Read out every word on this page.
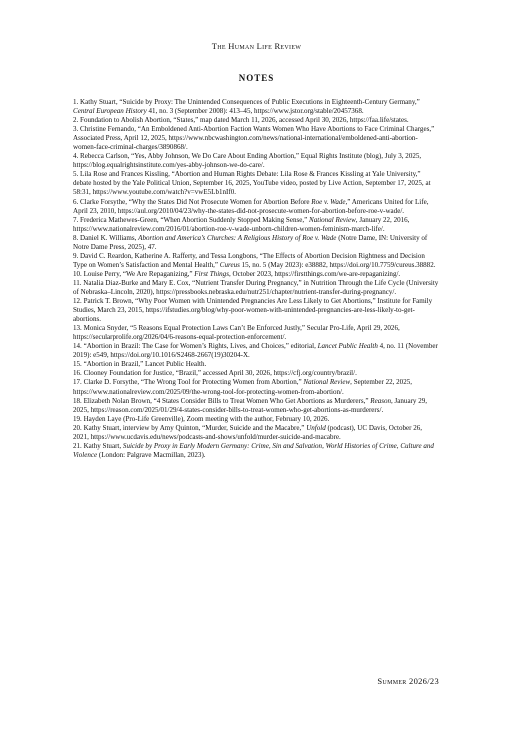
The Human Life Review
NOTES

1. Kathy Stuart, “Suicide by Proxy: The Unintended Consequences of Public Executions in Eighteenth-Century Germany,” Central European History 41, no. 3 (September 2008): 413–45, https://www.jstor.org/stable/20457368.

2. Foundation to Abolish Abortion, “States,” map dated March 11, 2026, accessed April 30, 2026, https://faa.life/states.

3. Christine Fernando, “An Emboldened Anti-Abortion Faction Wants Women Who Have Abortions to Face Criminal Charges,” Associated Press, April 12, 2025, https://www.nbcwashington.com/news/national-international/emboldened-anti-abortion-women-face-criminal-charges/3890868/.

4. Rebecca Carlson, “Yes, Abby Johnson, We Do Care About Ending Abortion,” Equal Rights Institute (blog), July 3, 2025, https://blog.equalrightsinstitute.com/yes-abby-johnson-we-do-care/.

5. Lila Rose and Frances Kissling, “Abortion and Human Rights Debate: Lila Rose & Frances Kissling at Yale University,” debate hosted by the Yale Political Union, September 16, 2025, YouTube video, posted by Live Action, September 17, 2025, at 58:31, https://www.youtube.com/watch?v=vwE5Lb1nIf0.

6. Clarke Forsythe, “Why the States Did Not Prosecute Women for Abortion Before Roe v. Wade,” Americans United for Life, April 23, 2010, https://aul.org/2010/04/23/why-the-states-did-not-prosecute-women-for-abortion-before-roe-v-wade/.

7. Frederica Mathewes-Green, “When Abortion Suddenly Stopped Making Sense,” National Review, January 22, 2016, https://www.nationalreview.com/2016/01/abortion-roe-v-wade-unborn-children-women-feminism-march-life/.

8. Daniel K. Williams, Abortion and America’s Churches: A Religious History of Roe v. Wade (Notre Dame, IN: University of Notre Dame Press, 2025), 47.

9. David C. Reardon, Katherine A. Rafferty, and Tessa Longbons, “The Effects of Abortion Decision Rightness and Decision Type on Women’s Satisfaction and Mental Health,” Cureus 15, no. 5 (May 2023): e38882, https://doi.org/10.7759/cureus.38882.

10. Louise Perry, “We Are Repaganizing,” First Things, October 2023, https://firstthings.com/we-are-repaganizing/.

11. Natalia Diaz-Burke and Mary E. Cox, “Nutrient Transfer During Pregnancy,” in Nutrition Through the Life Cycle (University of Nebraska–Lincoln, 2020), https://pressbooks.nebraska.edu/nutr251/chapter/nutrient-transfer-during-pregnancy/.

12. Patrick T. Brown, “Why Poor Women with Unintended Pregnancies Are Less Likely to Get Abortions,” Institute for Family Studies, March 23, 2015, https://ifstudies.org/blog/why-poor-women-with-unintended-pregnancies-are-less-likely-to-get-abortions.

13. Monica Snyder, “5 Reasons Equal Protection Laws Can’t Be Enforced Justly,” Secular Pro-Life, April 29, 2026, https://secularprolife.org/2026/04/6-reasons-equal-protection-enforcement/.

14. “Abortion in Brazil: The Case for Women’s Rights, Lives, and Choices,” editorial, Lancet Public Health 4, no. 11 (November 2019): e549, https://doi.org/10.1016/S2468-2667(19)30204-X.

15. “Abortion in Brazil,” Lancet Public Health.

16. Clooney Foundation for Justice, “Brazil,” accessed April 30, 2026, https://cfj.org/country/brazil/.

17. Clarke D. Forsythe, “The Wrong Tool for Protecting Women from Abortion,” National Review, September 22, 2025, https://www.nationalreview.com/2025/09/the-wrong-tool-for-protecting-women-from-abortion/.

18. Elizabeth Nolan Brown, “4 States Consider Bills to Treat Women Who Get Abortions as Murderers,” Reason, January 29, 2025, https://reason.com/2025/01/29/4-states-consider-bills-to-treat-women-who-get-abortions-as-murderers/.

19. Hayden Laye (Pro-Life Greenville), Zoom meeting with the author, February 10, 2026.

20. Kathy Stuart, interview by Amy Quinton, “Murder, Suicide and the Macabre,” Unfold (podcast), UC Davis, October 26, 2021, https://www.ucdavis.edu/news/podcasts-and-shows/unfold/murder-suicide-and-macabre.

21. Kathy Stuart, Suicide by Proxy in Early Modern Germany: Crime, Sin and Salvation, World Histories of Crime, Culture and Violence (London: Palgrave Macmillan, 2023).

Summer 2026/23
